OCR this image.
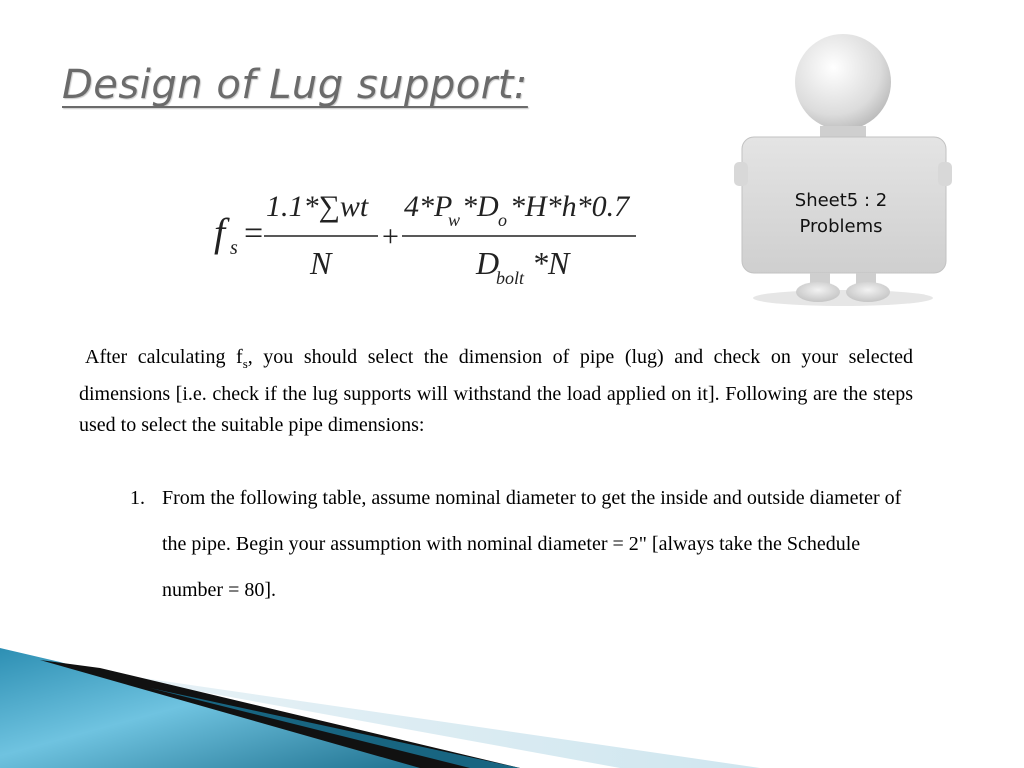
Design of Lug support:
Sheet5 : 2 Problems
f s =
1.1*∑wt
N
+
4*P
w *D o *H*h*0.7
D
bolt *N

After calculating $f_s$, you should select the dimension of pipe (lug) and check on your selected dimensions [i.e. check if the lug supports will withstand the load applied on it]. Following are the steps used to select the suitable pipe dimensions:

1. From the following table, assume nominal diameter to get the inside and outside diameter of the pipe. Begin your assumption with nominal diameter = 2" [always take the Schedule number = 80].
